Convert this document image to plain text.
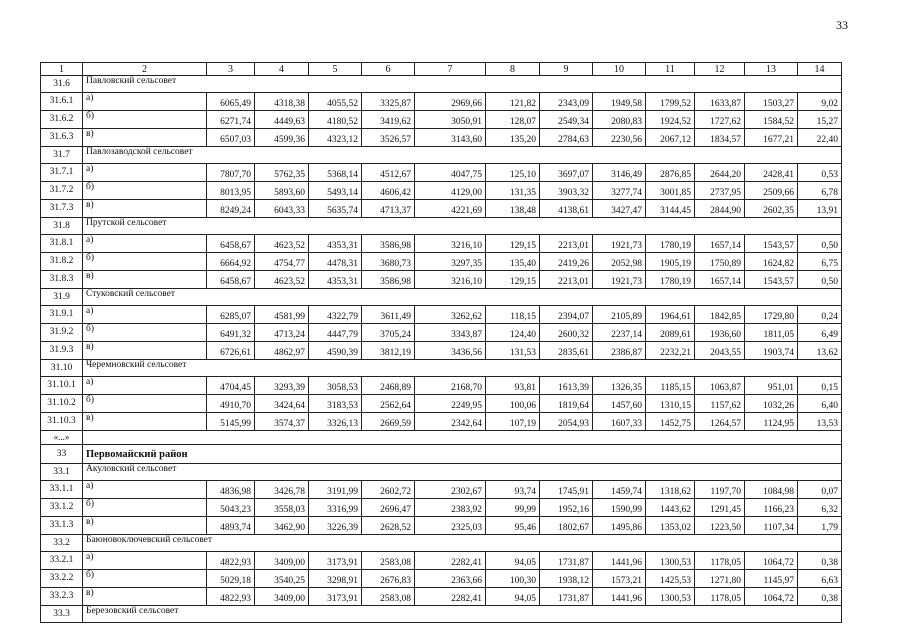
33
1	2	3	4	5	6	7	8	9	10	11	12	13	14
31.6	Павловский сельсовет												
31.6.1	а)	6065,49	4318,38	4055,52	3325,87	2969,66	121,82	2343,09	1949,58	1799,52	1633,87	1503,27	9,02
31.6.2	б)	6271,74	4449,63	4180,52	3419,62	3050,91	128,07	2549,34	2080,83	1924,52	1727,62	1584,52	15,27
31.6.3	в)	6507,03	4599,36	4323,12	3526,57	3143,60	135,20	2784,63	2230,56	2067,12	1834,57	1677,21	22,40
31.7	Павлозаводской сельсовет												
31.7.1	а)	7807,70	5762,35	5368,14	4512,67	4047,75	125,10	3697,07	3146,49	2876,85	2644,20	2428,41	0,53
31.7.2	б)	8013,95	5893,60	5493,14	4606,42	4129,00	131,35	3903,32	3277,74	3001,85	2737,95	2509,66	6,78
31.7.3	в)	8249,24	6043,33	5635,74	4713,37	4221,69	138,48	4138,61	3427,47	3144,45	2844,90	2602,35	13,91
31.8	Прутской сельсовет												
31.8.1	а)	6458,67	4623,52	4353,31	3586,98	3216,10	129,15	2213,01	1921,73	1780,19	1657,14	1543,57	0,50
31.8.2	б)	6664,92	4754,77	4478,31	3680,73	3297,35	135,40	2419,26	2052,98	1905,19	1750,89	1624,82	6,75
31.8.3	в)	6458,67	4623,52	4353,31	3586,98	3216,10	129,15	2213,01	1921,73	1780,19	1657,14	1543,57	0,50
31.9	Стуковский сельсовет												
31.9.1	а)	6285,07	4581,99	4322,79	3611,49	3262,62	118,15	2394,07	2105,89	1964,61	1842,85	1729,80	0,24
31.9.2	б)	6491,32	4713,24	4447,79	3705,24	3343,87	124,40	2600,32	2237,14	2089,61	1936,60	1811,05	6,49
31.9.3	в)	6726,61	4862,97	4590,39	3812,19	3436,56	131,53	2835,61	2386,87	2232,21	2043,55	1903,74	13,62
31.10	Черемновский сельсовет												
31.10.1	а)	4704,45	3293,39	3058,53	2468,89	2168,70	93,81	1613,39	1326,35	1185,15	1063,87	951,01	0,15
31.10.2	б)	4910,70	3424,64	3183,53	2562,64	2249,95	100,06	1819,64	1457,60	1310,15	1157,62	1032,26	6,40
31.10.3	в)	5145,99	3574,37	3326,13	2669,59	2342,64	107,19	2054,93	1607,33	1452,75	1264,57	1124,95	13,53
«...»													
33	Первомайский район												
33.1	Акуловский сельсовет												
33.1.1	а)	4836,98	3426,78	3191,99	2602,72	2302,67	93,74	1745,91	1459,74	1318,62	1197,70	1084,98	0,07
33.1.2	б)	5043,23	3558,03	3316,99	2696,47	2383,92	99,99	1952,16	1590,99	1443,62	1291,45	1166,23	6,32
33.1.3	в)	4893,74	3462,90	3226,39	2628,52	2325,03	95,46	1802,67	1495,86	1353,02	1223,50	1107,34	1,79
33.2	Баюновоключевский сельсовет												
33.2.1	а)	4822,93	3409,00	3173,91	2583,08	2282,41	94,05	1731,87	1441,96	1300,53	1178,05	1064,72	0,38
33.2.2	б)	5029,18	3540,25	3298,91	2676,83	2363,66	100,30	1938,12	1573,21	1425,53	1271,80	1145,97	6,63
33.2.3	в)	4822,93	3409,00	3173,91	2583,08	2282,41	94,05	1731,87	1441,96	1300,53	1178,05	1064,72	0,38
33.3	Березовский сельсовет												
